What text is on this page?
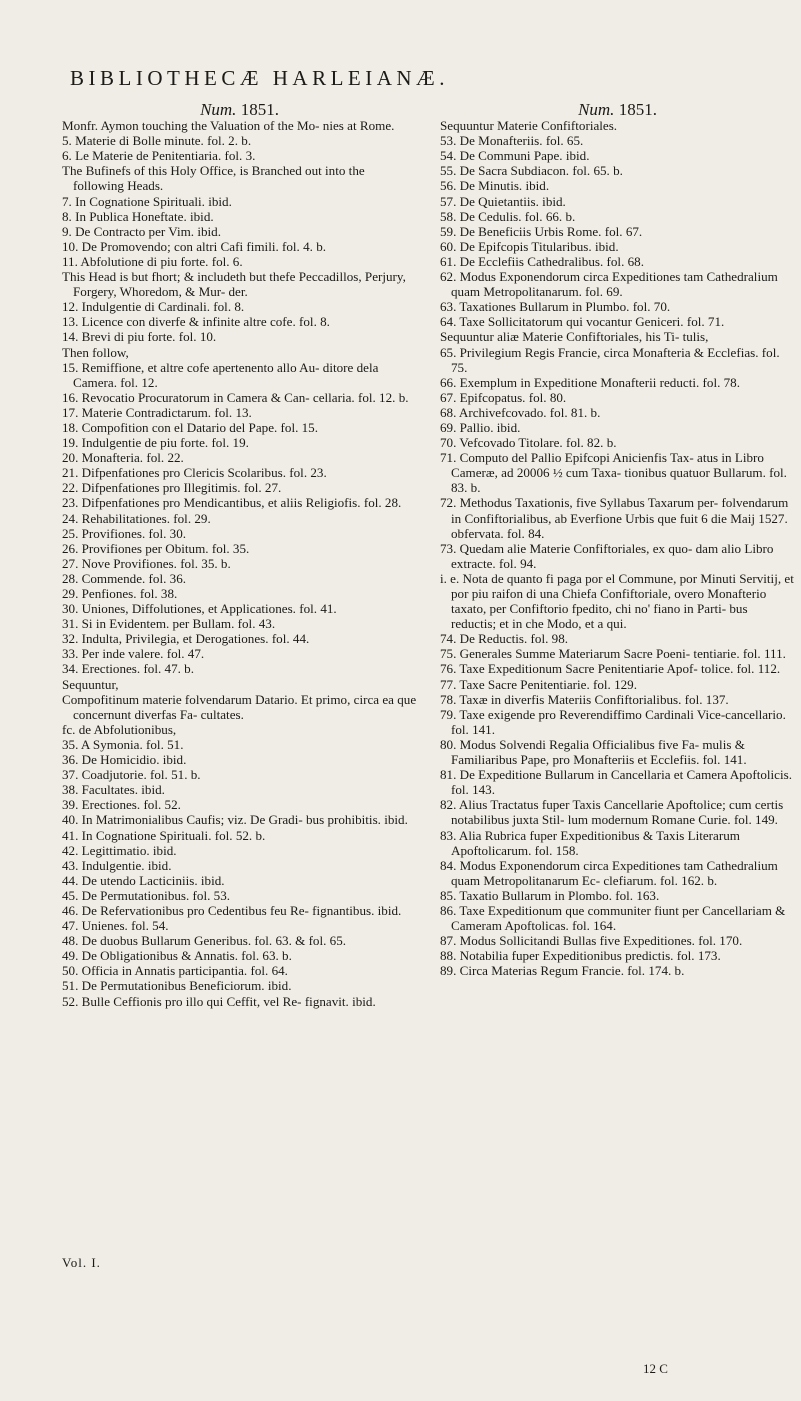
BIBLIOTHECÆ HARLEIANÆ.
Num. 1851.

Monfr. Aymon touching the Valuation of the Mo- nies at Rome.

5. Materie di Bolle minute. fol. 2. b.

6. Le Materie de Penitentiaria. fol. 3.

The Bufinefs of this Holy Office, is Branched out into the following Heads.

7. In Cognatione Spirituali. ibid.

8. In Publica Honeftate. ibid.

9. De Contracto per Vim. ibid.

10. De Promovendo; con altri Cafi fimili. fol. 4. b.

11. Abfolutione di piu forte. fol. 6.

This Head is but fhort; & includeth but thefe Peccadillos, Perjury, Forgery, Whoredom, & Mur- der.

12. Indulgentie di Cardinali. fol. 8.

13. Licence con diverfe & infinite altre cofe. fol. 8.

14. Brevi di piu forte. fol. 10.

Then follow,

15. Remiffione, et altre cofe apertenento allo Au- ditore dela Camera. fol. 12.

16. Revocatio Procuratorum in Camera & Can- cellaria. fol. 12. b.

17. Materie Contradictarum. fol. 13.

18. Compofition con el Datario del Pape. fol. 15.

19. Indulgentie de piu forte. fol. 19.

20. Monafteria. fol. 22.

21. Difpenfationes pro Clericis Scolaribus. fol. 23.

22. Difpenfationes pro Illegitimis. fol. 27.

23. Difpenfationes pro Mendicantibus, et aliis Religiofis. fol. 28.

24. Rehabilitationes. fol. 29.

25. Provifiones. fol. 30.

26. Provifiones per Obitum. fol. 35.

27. Nove Provifiones. fol. 35. b.

28. Commende. fol. 36.

29. Penfiones. fol. 38.

30. Uniones, Diffolutiones, et Applicationes. fol. 41.

31. Si in Evidentem. per Bullam. fol. 43.

32. Indulta, Privilegia, et Derogationes. fol. 44.

33. Per inde valere. fol. 47.

34. Erectiones. fol. 47. b.

Sequuntur,

Compofitinum materie folvendarum Datario. Et primo, circa ea que concernunt diverfas Fa- cultates.

fc. de Abfolutionibus,

35. A Symonia. fol. 51.

36. De Homicidio. ibid.

37. Coadjutorie. fol. 51. b.

38. Facultates. ibid.

39. Erectiones. fol. 52.

40. In Matrimonialibus Caufis; viz. De Gradi- bus prohibitis. ibid.

41. In Cognatione Spirituali. fol. 52. b.

42. Legittimatio. ibid.

43. Indulgentie. ibid.

44. De utendo Lacticiniis. ibid.

45. De Permutationibus. fol. 53.

46. De Refervationibus pro Cedentibus feu Re- fignantibus. ibid.

47. Unienes. fol. 54.

48. De duobus Bullarum Generibus. fol. 63. & fol. 65.

49. De Obligationibus & Annatis. fol. 63. b.

50. Officia in Annatis participantia. fol. 64.

51. De Permutationibus Beneficiorum. ibid.

52. Bulle Ceffionis pro illo qui Ceffit, vel Re- fignavit. ibid.

Num. 1851.

Sequuntur Materie Confiftoriales.

53. De Monafteriis. fol. 65.

54. De Communi Pape. ibid.

55. De Sacra Subdiacon. fol. 65. b.

56. De Minutis. ibid.

57. De Quietantiis. ibid.

58. De Cedulis. fol. 66. b.

59. De Beneficiis Urbis Rome. fol. 67.

60. De Epifcopis Titularibus. ibid.

61. De Ecclefiis Cathedralibus. fol. 68.

62. Modus Exponendorum circa Expeditiones tam Cathedralium quam Metropolitanarum. fol. 69.

63. Taxationes Bullarum in Plumbo. fol. 70.

64. Taxe Sollicitatorum qui vocantur Geniceri. fol. 71.

Sequuntur aliæ Materie Confiftoriales, his Ti- tulis,

65. Privilegium Regis Francie, circa Monafteria & Ecclefias. fol. 75.

66. Exemplum in Expeditione Monafterii reducti. fol. 78.

67. Epifcopatus. fol. 80.

68. Archivefcovado. fol. 81. b.

69. Pallio. ibid.

70. Vefcovado Titolare. fol. 82. b.

71. Computo del Pallio Epifcopi Anicienfis Tax- atus in Libro Cameræ, ad 20006 ½ cum Taxa- tionibus quatuor Bullarum. fol. 83. b.

72. Methodus Taxationis, five Syllabus Taxarum per- folvendarum in Confiftorialibus, ab Everfione Urbis que fuit 6 die Maij 1527. obfervata. fol. 84.

73. Quedam alie Materie Confiftoriales, ex quo- dam alio Libro extracte. fol. 94.

i. e. Nota de quanto fi paga por el Commune, por Minuti Servitij, et por piu raifon di una Chiefa Confiftoriale, overo Monafterio taxato, per Confiftorio fpedito, chi no' fiano in Parti- bus reductis; et in che Modo, et a qui.

74. De Reductis. fol. 98.

75. Generales Summe Materiarum Sacre Poeni- tentiarie. fol. 111.

76. Taxe Expeditionum Sacre Penitentiarie Apof- tolice. fol. 112.

77. Taxe Sacre Penitentiarie. fol. 129.

78. Taxæ in diverfis Materiis Confiftorialibus. fol. 137.

79. Taxe exigende pro Reverendiffimo Cardinali Vice-cancellario. fol. 141.

80. Modus Solvendi Regalia Officialibus five Fa- mulis & Familiaribus Pape, pro Monafteriis et Ecclefiis. fol. 141.

81. De Expeditione Bullarum in Cancellaria et Camera Apoftolicis. fol. 143.

82. Alius Tractatus fuper Taxis Cancellarie Apoftolice; cum certis notabilibus juxta Stil- lum modernum Romane Curie. fol. 149.

83. Alia Rubrica fuper Expeditionibus & Taxis Literarum Apoftolicarum. fol. 158.

84. Modus Exponendorum circa Expeditiones tam Cathedralium quam Metropolitanarum Ec- clefiarum. fol. 162. b.

85. Taxatio Bullarum in Plombo. fol. 163.

86. Taxe Expeditionum que communiter fiunt per Cancellariam & Cameram Apoftolicas. fol. 164.

87. Modus Sollicitandi Bullas five Expeditiones. fol. 170.

88. Notabilia fuper Expeditionibus predictis. fol. 173.

89. Circa Materias Regum Francie. fol. 174. b.

Vol. I.
12 C
